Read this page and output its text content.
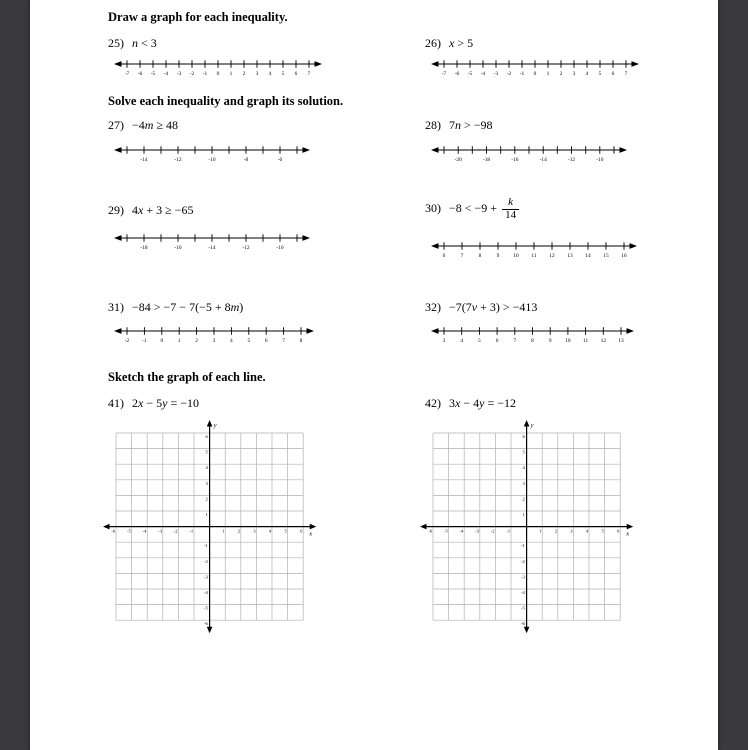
Draw a graph for each inequality.
25) n < 3
-7 -6 -5 -4 -3 -2 -1 0 1 2 3 4 5 6 7
26) x > 5
-7 -6 -5 -4 -3 -2 -1 0 1 2 3 4 5 6 7
Solve each inequality and graph its solution.
27) −4m ≥ 48
-14	-12	-10	-8	-6
28) 7n > −98
-20	-18	-16	-14	-12	-10
29) 4x + 3 ≥ −65
-18	-16	-14	-12	-10
$30) -8 < -9 + \frac{k}{14}$
6	7	8	9	10 11 12 13 14 15 16
31) −84 > −7 − 7(−5 + 8m)
-2 -1	0	1	2	3	4	5	6	7	8
32) −7(7v + 3) > −413
3	4	5	6	7	8	9	10 11 12 13
Sketch the graph of each line.
41) 2x − 5y = −10
-6	-5	-4	-3	-2	-1	1	2	3	4	5	6
-6
-5
-4
-3
-2
-1
1
2
3
4
5
6
y
x
42) 3x − 4y = −12
-6	-5	-4	-3	-2	-1	1	2	3	4	5	6
-6
-5
-4
-3
-2
-1
1
2
3
4
5
6
y
x
